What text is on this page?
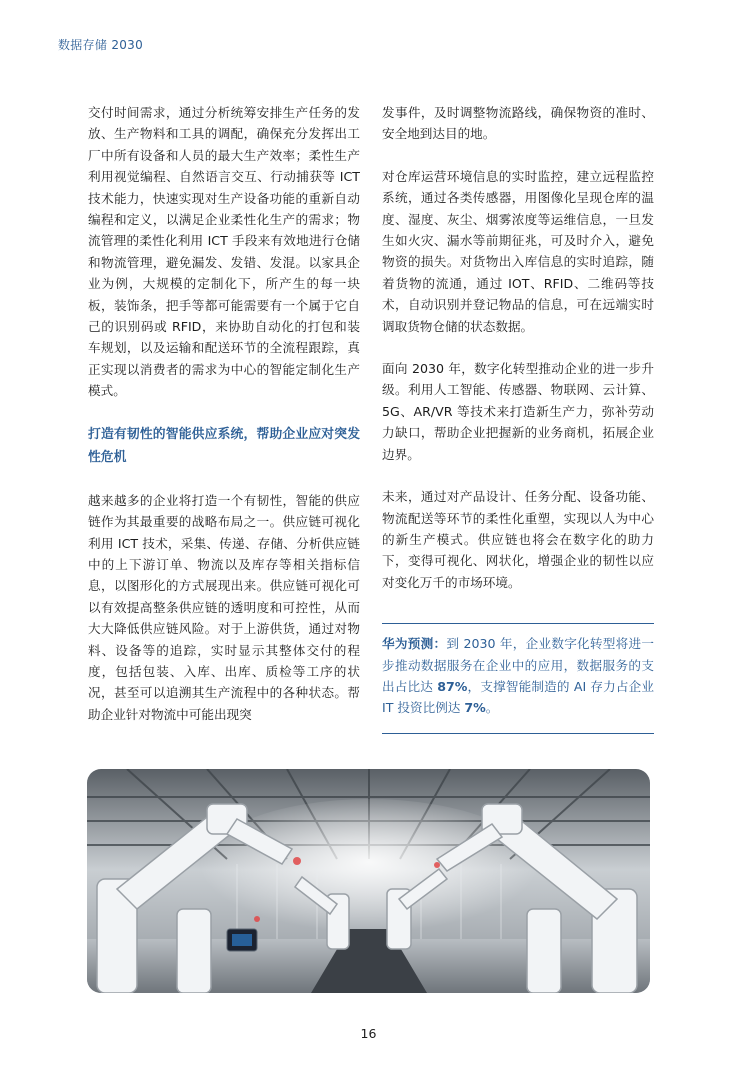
数据存储 2030

交付时间需求，通过分析统筹安排生产任务的发放、生产物料和工具的调配，确保充分发挥出工厂中所有设备和人员的最大生产效率；柔性生产利用视觉编程、自然语言交互、行动捕获等 ICT 技术能力，快速实现对生产设备功能的重新自动编程和定义，以满足企业柔性化生产的需求；物流管理的柔性化利用 ICT 手段来有效地进行仓储和物流管理，避免漏发、发错、发混。以家具企业为例，大规模的定制化下，所产生的每一块板，装饰条，把手等都可能需要有一个属于它自己的识别码或 RFID，来协助自动化的打包和装车规划，以及运输和配送环节的全流程跟踪，真正实现以消费者的需求为中心的智能定制化生产模式。

打造有韧性的智能供应系统，帮助企业应对突发性危机

越来越多的企业将打造一个有韧性，智能的供应链作为其最重要的战略布局之一。供应链可视化利用 ICT 技术，采集、传递、存储、分析供应链中的上下游订单、物流以及库存等相关指标信息，以图形化的方式展现出来。供应链可视化可以有效提高整条供应链的透明度和可控性，从而大大降低供应链风险。对于上游供货，通过对物料、设备等的追踪，实时显示其整体交付的程度，包括包装、入库、出库、质检等工序的状况，甚至可以追溯其生产流程中的各种状态。帮助企业针对物流中可能出现突

发事件，及时调整物流路线，确保物资的准时、安全地到达目的地。

对仓库运营环境信息的实时监控，建立远程监控系统，通过各类传感器，用图像化呈现仓库的温度、湿度、灰尘、烟雾浓度等运维信息，一旦发生如火灾、漏水等前期征兆，可及时介入，避免物资的损失。对货物出入库信息的实时追踪，随着货物的流通，通过 IOT、RFID、二维码等技术，自动识别并登记物品的信息，可在远端实时调取货物仓储的状态数据。

面向 2030 年，数字化转型推动企业的进一步升级。利用人工智能、传感器、物联网、云计算、5G、AR/VR 等技术来打造新生产力，弥补劳动力缺口，帮助企业把握新的业务商机，拓展企业边界。

未来，通过对产品设计、任务分配、设备功能、物流配送等环节的柔性化重塑，实现以人为中心的新生产模式。供应链也将会在数字化的助力下，变得可视化、网状化，增强企业的韧性以应对变化万千的市场环境。

华为预测：到 2030 年，企业数字化转型将进一步推动数据服务在企业中的应用，数据服务的支出占比达 87%，支撑智能制造的 AI 存力占企业 IT 投资比例达 7%。
16
